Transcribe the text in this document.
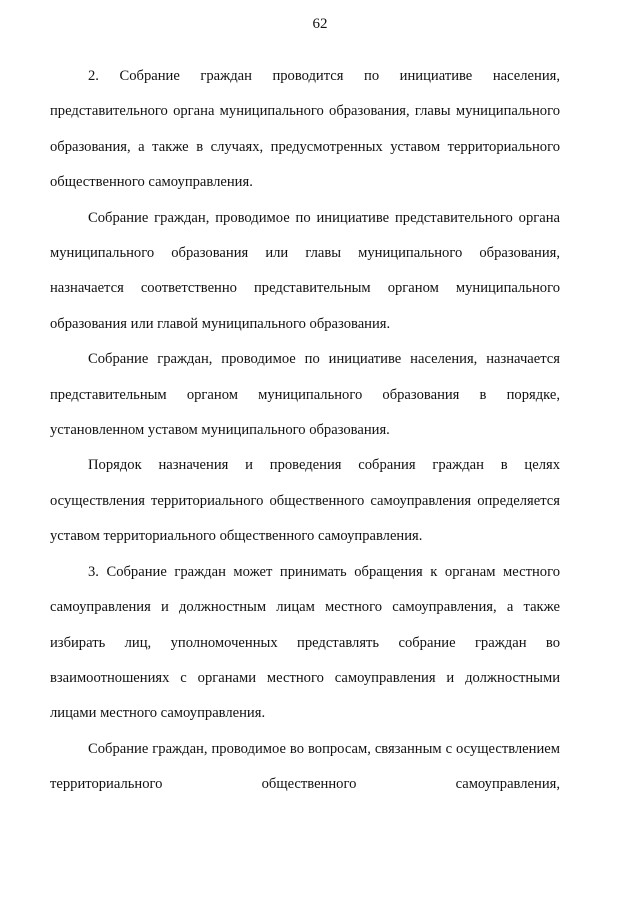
62

2. Собрание граждан проводится по инициативе населения, представительного органа муниципального образования, главы муниципального образования, а также в случаях, предусмотренных уставом территориального общественного самоуправления.

Собрание граждан, проводимое по инициативе представительного органа муниципального образования или главы муниципального образования, назначается соответственно представительным органом муниципального образования или главой муниципального образования.

Собрание граждан, проводимое по инициативе населения, назначается представительным органом муниципального образования в порядке, установленном уставом муниципального образования.

Порядок назначения и проведения собрания граждан в целях осуществления территориального общественного самоуправления определяется уставом территориального общественного самоуправления.

3. Собрание граждан может принимать обращения к органам местного самоуправления и должностным лицам местного самоуправления, а также избирать лиц, уполномоченных представлять собрание граждан во взаимоотношениях с органами местного самоуправления и должностными лицами местного самоуправления.

Собрание граждан, проводимое во вопросам, связанным с осуществлением территориального общественного самоуправления,
